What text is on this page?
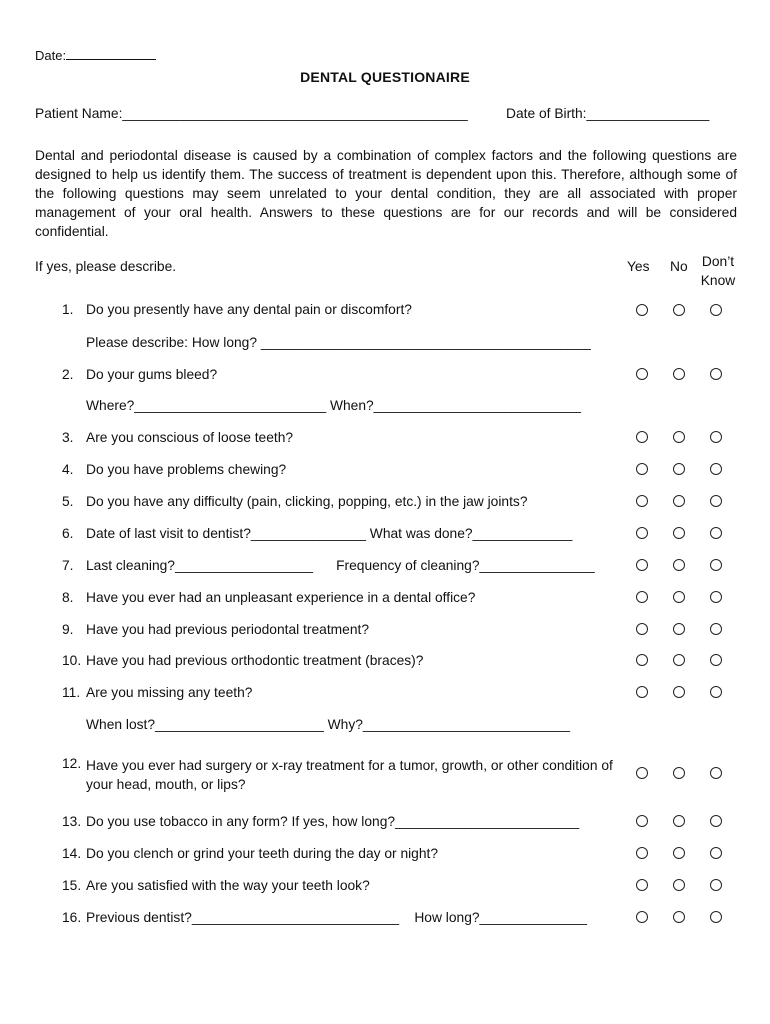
Date:
DENTAL QUESTIONAIRE
Patient Name:_____________________________________________	Date of Birth:________________
Dental and periodontal disease is caused by a combination of complex factors and the following questions are designed to help us identify them. The success of treatment is dependent upon this. Therefore, although some of the following questions may seem unrelated to your dental condition, they are all associated with proper management of your oral health. Answers to these questions are for our records and will be considered confidential.
If yes, please describe.	Yes No Don’t
Know
1. Do you presently have any dental pain or discomfort?
Please describe: How long? ___________________________________________
2. Do your gums bleed?
Where?_________________________ When?___________________________
3. Are you conscious of loose teeth?
4. Do you have problems chewing?
5. Do you have any difficulty (pain, clicking, popping, etc.) in the jaw joints?
6. Date of last visit to dentist?_______________ What was done?_____________
7. Last cleaning?__________________      Frequency of cleaning?_______________
8. Have you ever had an unpleasant experience in a dental office?
9. Have you had previous periodontal treatment?
10. Have you had previous orthodontic treatment (braces)?
11. Are you missing any teeth?
When lost?______________________ Why?___________________________
12. Have you ever had surgery or x-ray treatment for a tumor, growth, or other condition of your head, mouth, or lips?
13. Do you use tobacco in any form? If yes, how long?________________________
14. Do you clench or grind your teeth during the day or night?
15. Are you satisfied with the way your teeth look?
16. Previous dentist?___________________________    How long?______________
